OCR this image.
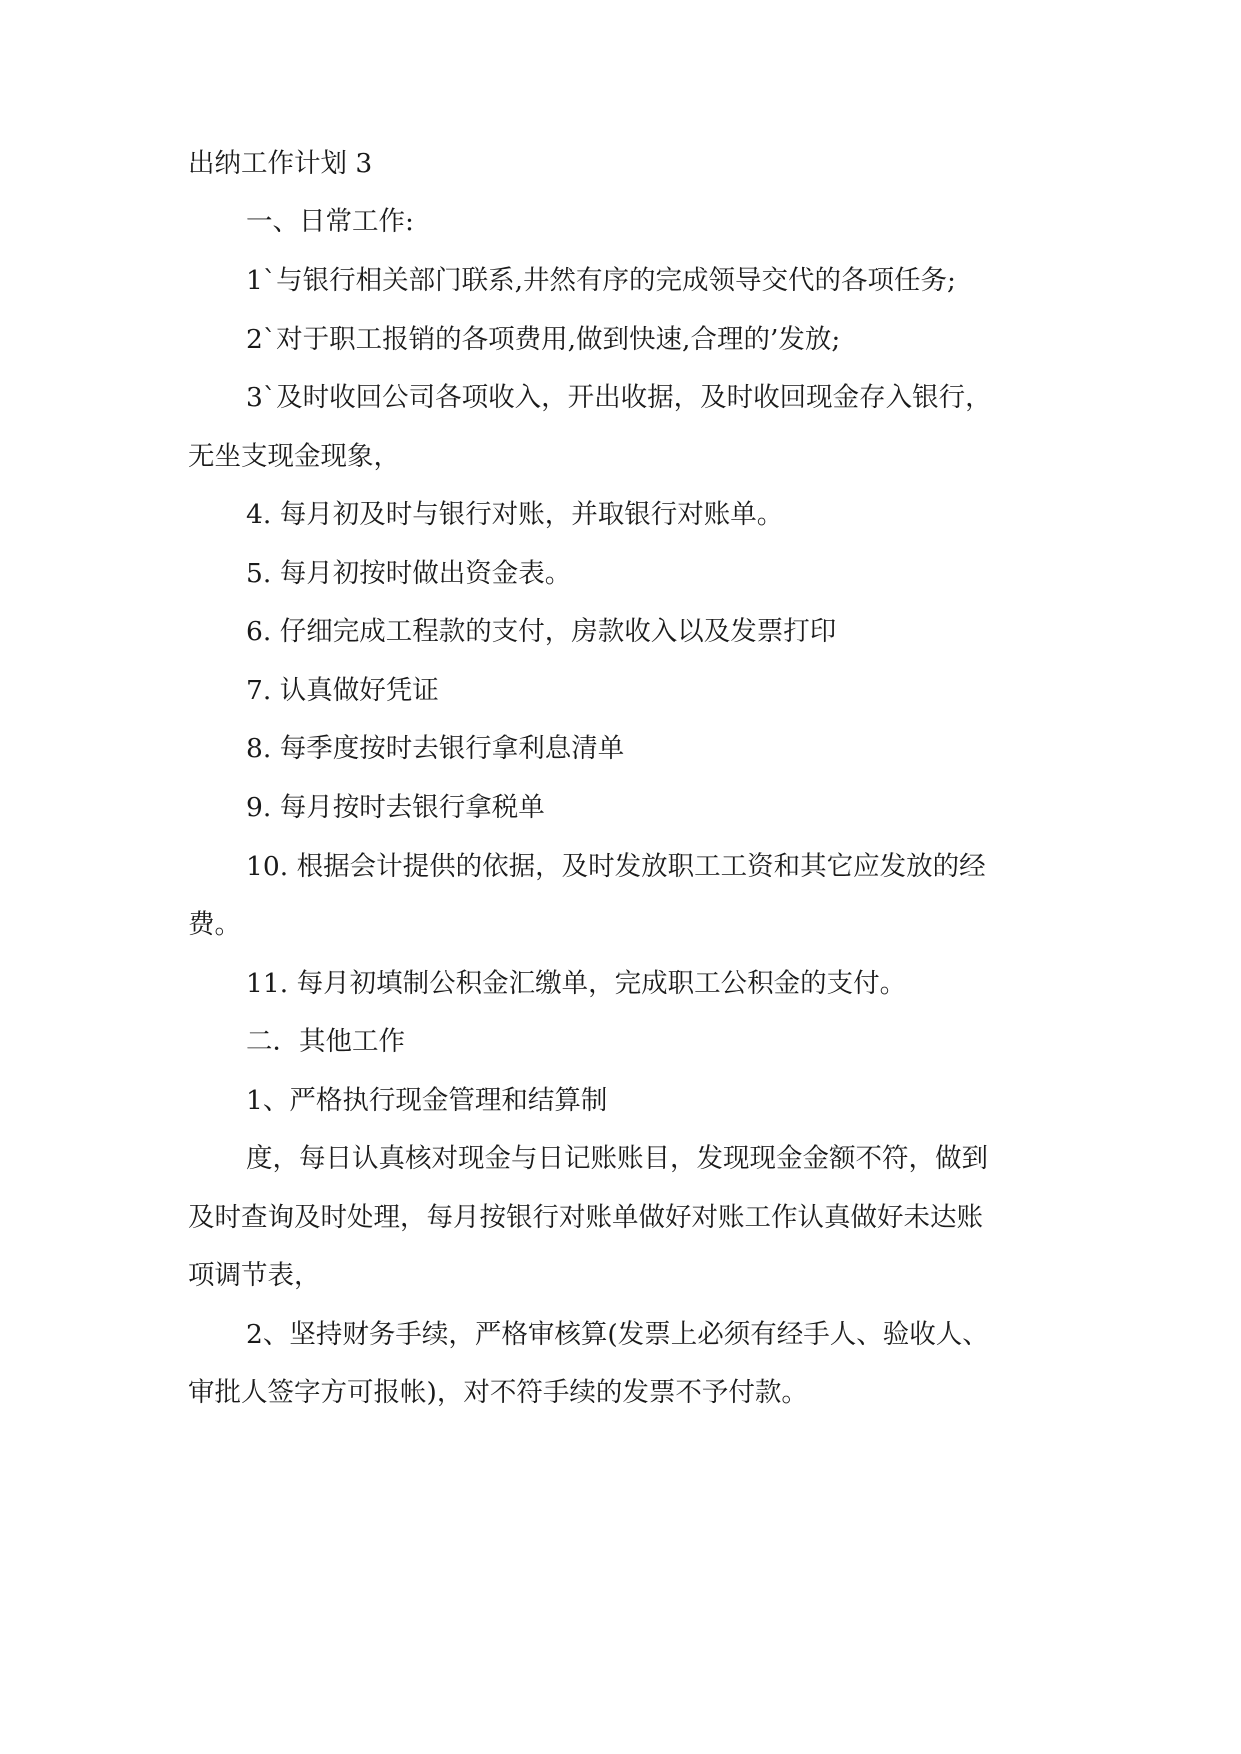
出纳工作计划 3
一、日常工作:
1`与银行相关部门联系,井然有序的完成领导交代的各项任务;
2`对于职工报销的各项费用,做到快速,合理的’发放;
3`及时收回公司各项收入，开出收据，及时收回现金存入银行，
无坐支现金现象，
4. 每月初及时与银行对账，并取银行对账单。
5. 每月初按时做出资金表。
6. 仔细完成工程款的支付，房款收入以及发票打印
7. 认真做好凭证
8. 每季度按时去银行拿利息清单
9. 每月按时去银行拿税单
10. 根据会计提供的依据，及时发放职工工资和其它应发放的经
费。
11. 每月初填制公积金汇缴单，完成职工公积金的支付。
二．其他工作
1、严格执行现金管理和结算制
度，每日认真核对现金与日记账账目，发现现金金额不符，做到
及时查询及时处理，每月按银行对账单做好对账工作认真做好未达账
项调节表，
2、坚持财务手续，严格审核算(发票上必须有经手人、验收人、
审批人签字方可报帐)，对不符手续的发票不予付款。
